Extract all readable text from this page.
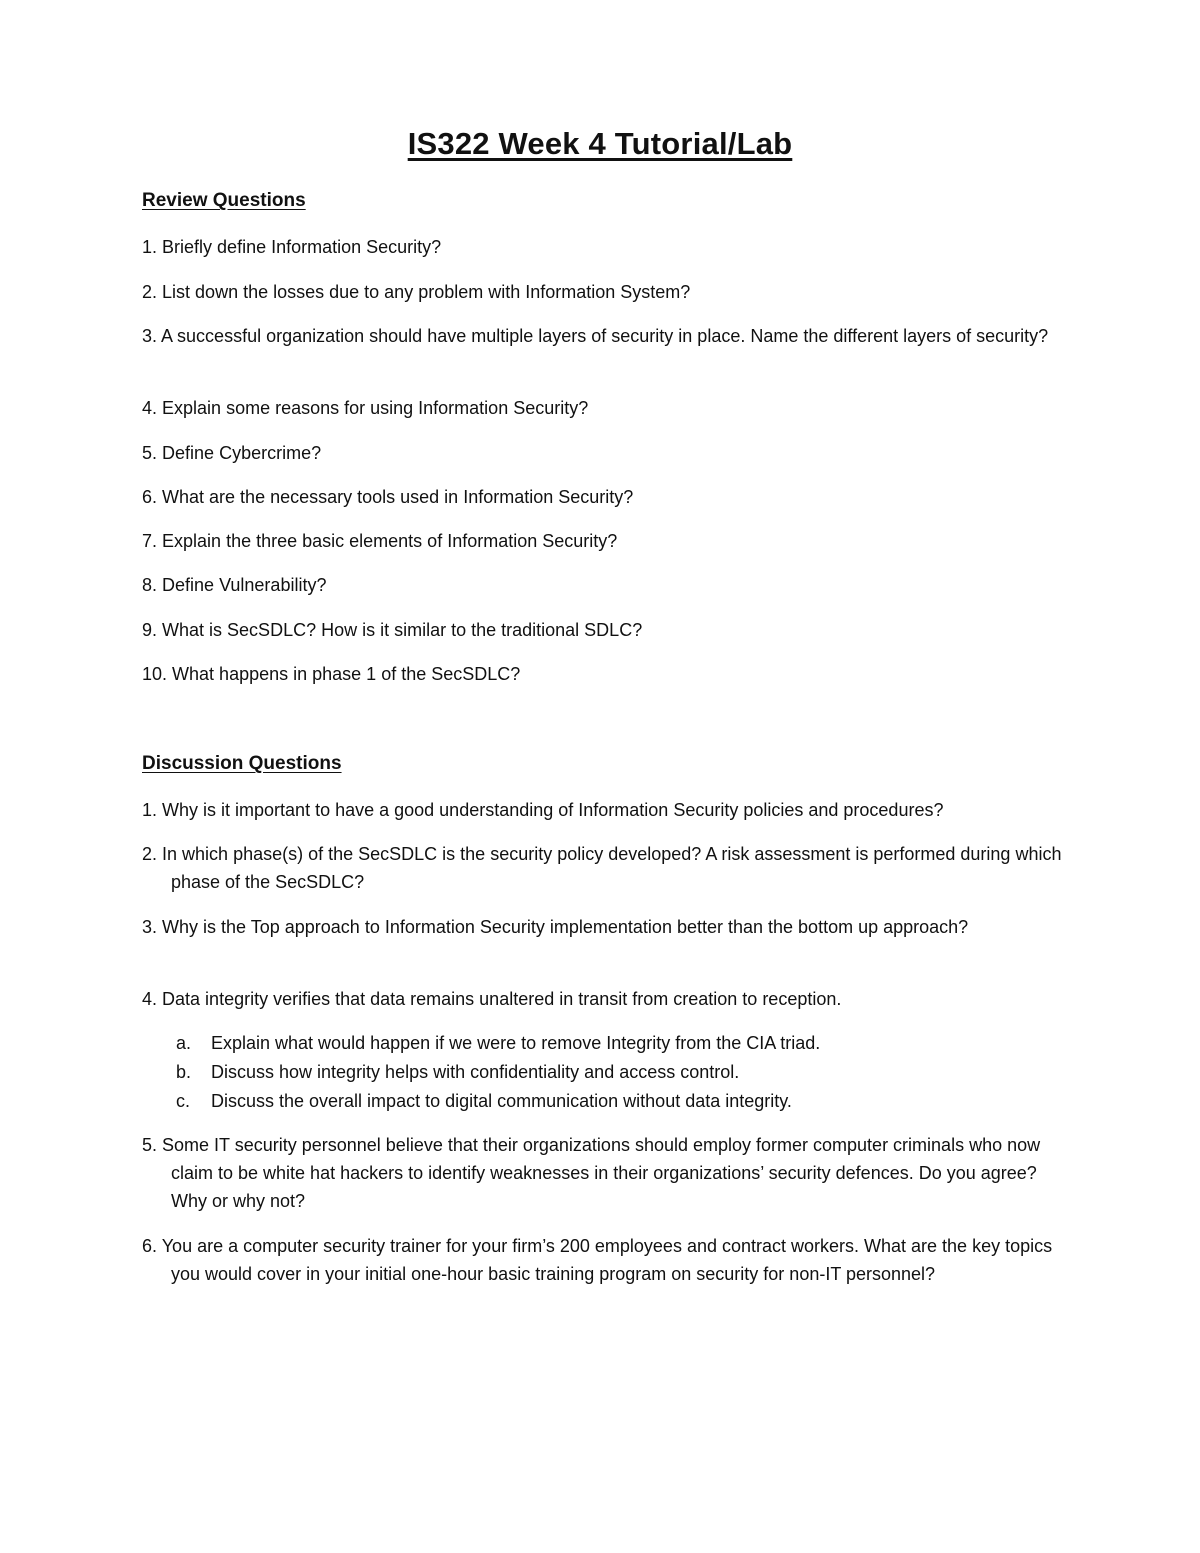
IS322 Week 4 Tutorial/Lab
Review Questions
1. Briefly define Information Security?
2. List down the losses due to any problem with Information System?
3. A successful organization should have multiple layers of security in place. Name the different layers of security?
4. Explain some reasons for using Information Security?
5. Define Cybercrime?
6. What are the necessary tools used in Information Security?
7. Explain the three basic elements of Information Security?
8. Define Vulnerability?
9. What is SecSDLC? How is it similar to the traditional SDLC?
10. What happens in phase 1 of the SecSDLC?
Discussion Questions
1. Why is it important to have a good understanding of Information Security policies and procedures?
2. In which phase(s) of the SecSDLC is the security policy developed? A risk assessment is performed during which phase of the SecSDLC?
3. Why is the Top approach to Information Security implementation better than the bottom up approach?
4. Data integrity verifies that data remains unaltered in transit from creation to reception.
a. Explain what would happen if we were to remove Integrity from the CIA triad.
b. Discuss how integrity helps with confidentiality and access control.
c. Discuss the overall impact to digital communication without data integrity.
5. Some IT security personnel believe that their organizations should employ former computer criminals who now claim to be white hat hackers to identify weaknesses in their organizations’ security defences. Do you agree? Why or why not?
6. You are a computer security trainer for your firm’s 200 employees and contract workers. What are the key topics you would cover in your initial one-hour basic training program on security for non-IT personnel?
